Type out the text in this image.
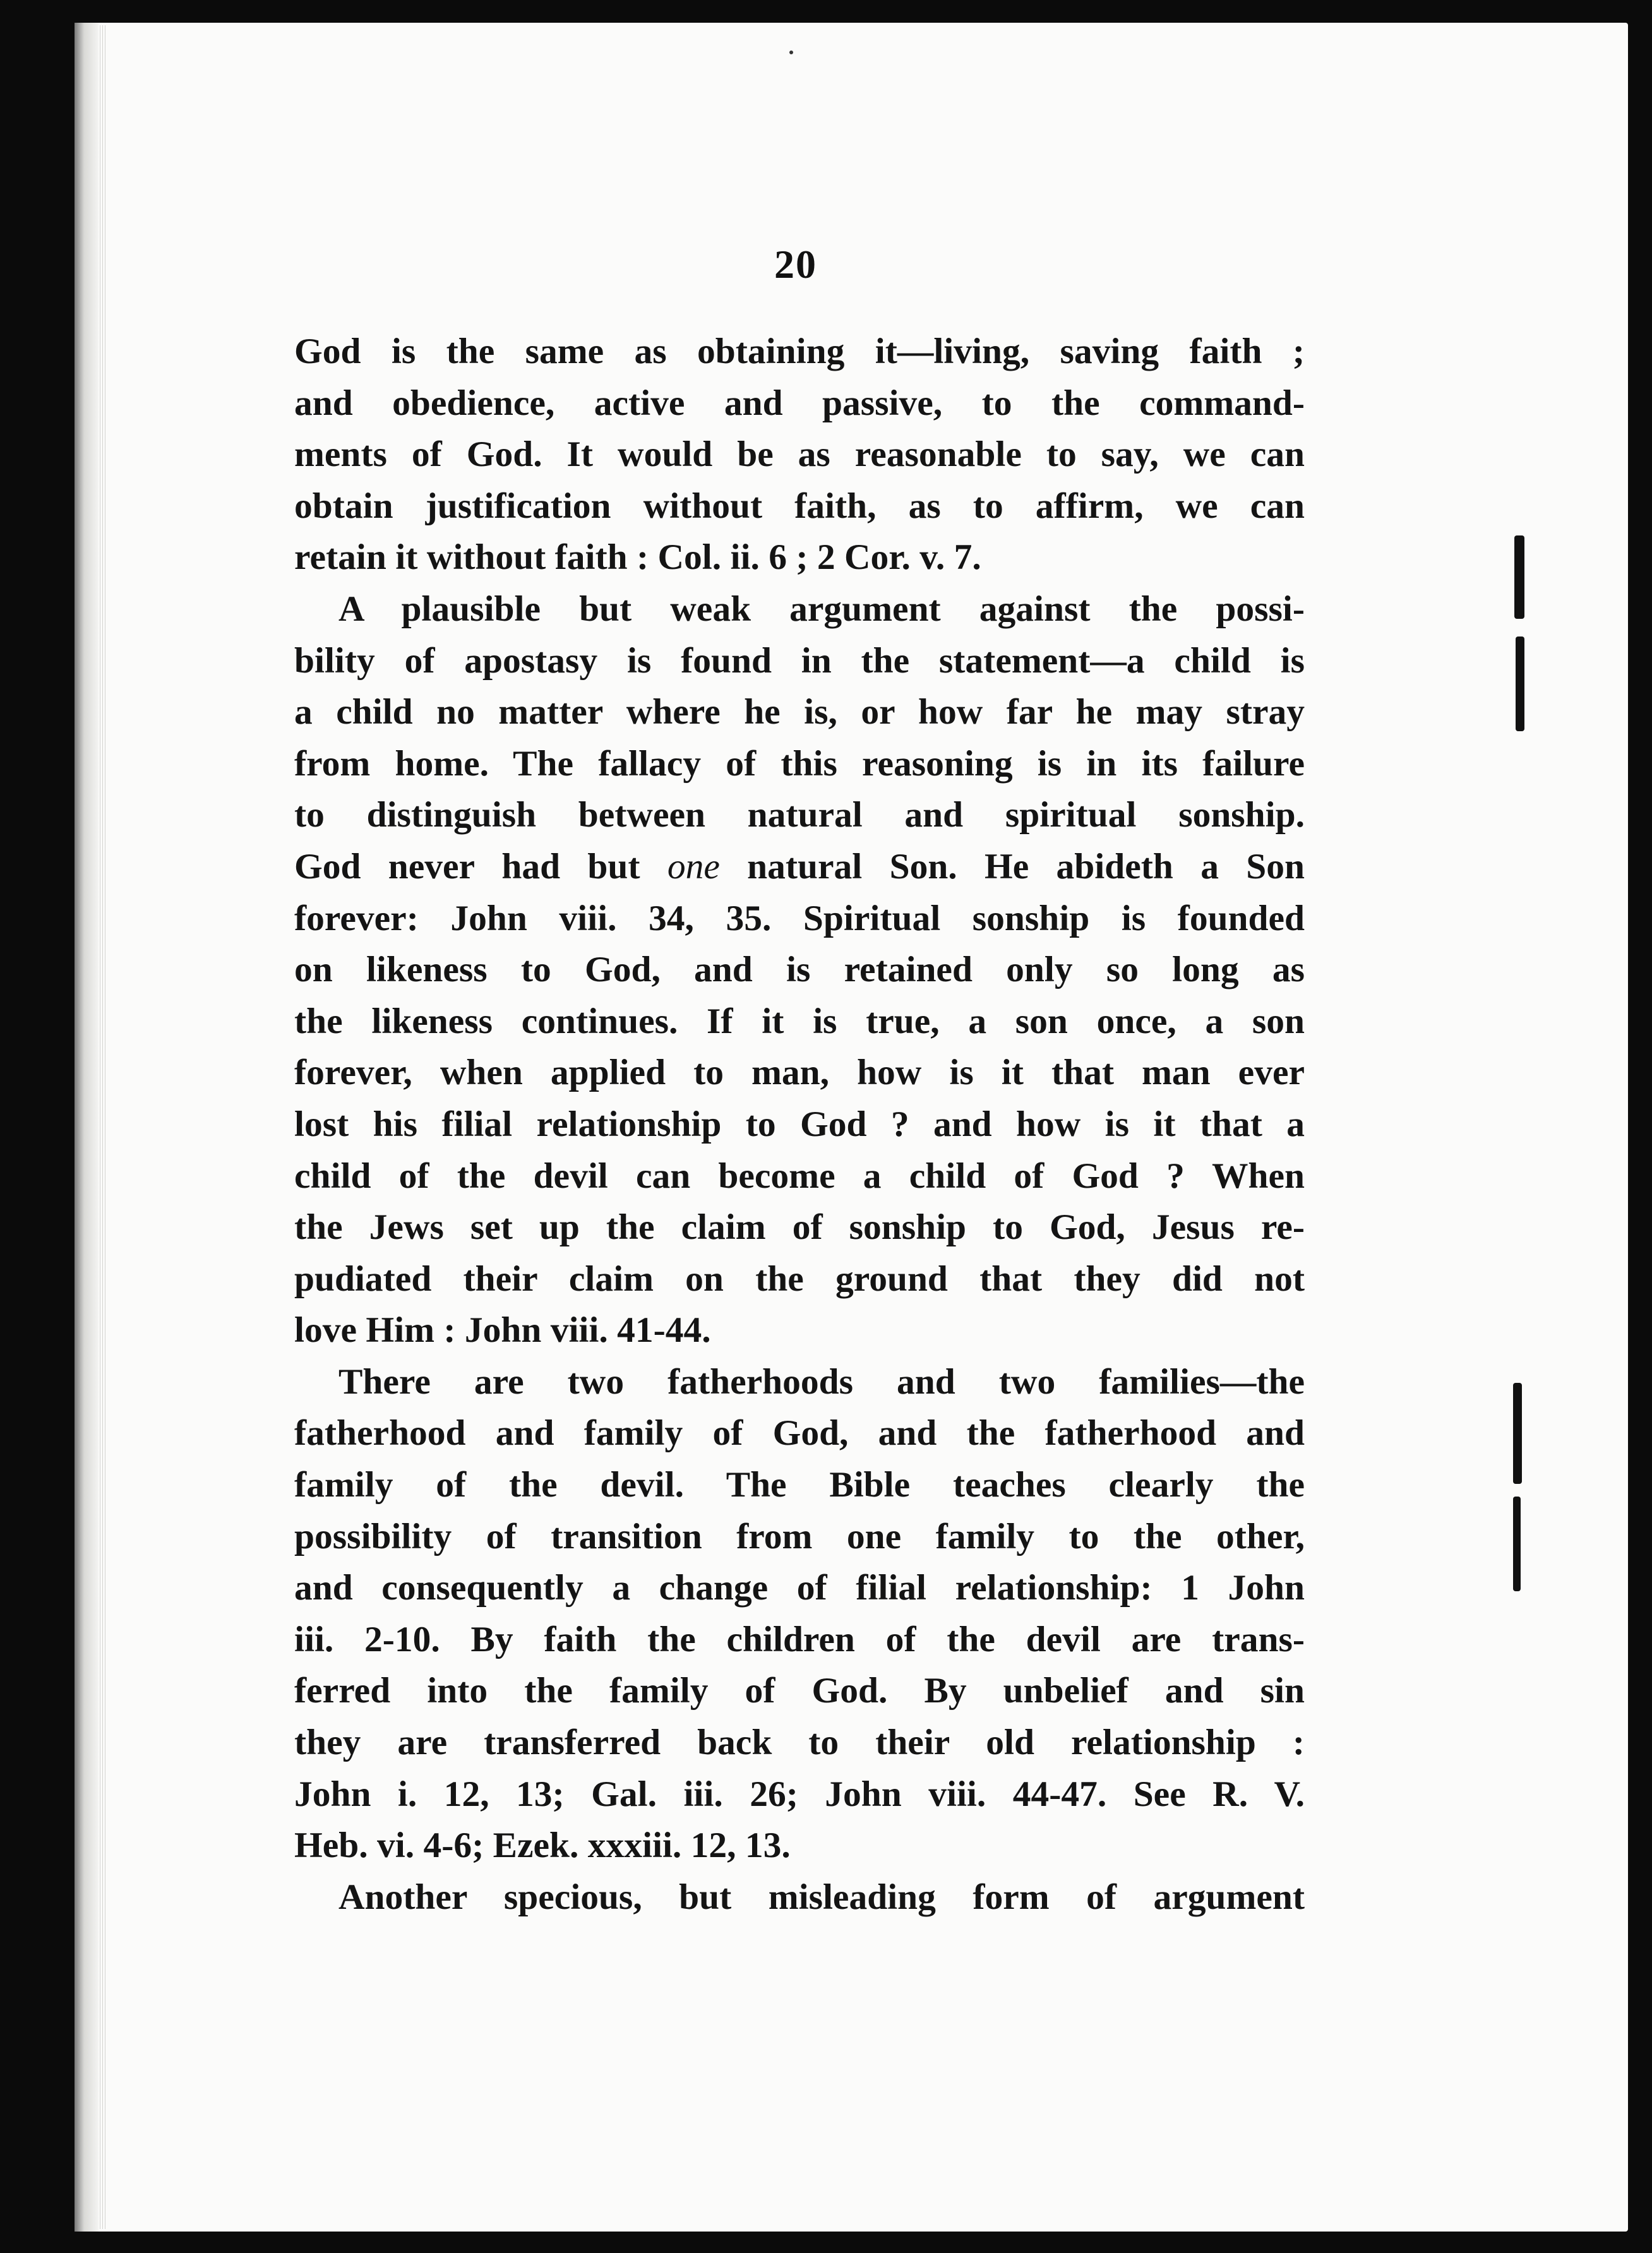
20
God is the same as obtaining it—living, saving faith ;
and obedience, active and passive, to the command-
ments of God. It would be as reasonable to say, we can
obtain justification without faith, as to affirm, we can
retain it without faith : Col. ii. 6 ; 2 Cor. v. 7.
A plausible but weak argument against the possi-
bility of apostasy is found in the statement—a child is
a child no matter where he is, or how far he may stray
from home. The fallacy of this reasoning is in its failure
to distinguish between natural and spiritual sonship.
God never had but one natural Son. He abideth a Son
forever: John viii. 34, 35. Spiritual sonship is founded
on likeness to God, and is retained only so long as
the likeness continues. If it is true, a son once, a son
forever, when applied to man, how is it that man ever
lost his filial relationship to God ? and how is it that a
child of the devil can become a child of God ? When
the Jews set up the claim of sonship to God, Jesus re-
pudiated their claim on the ground that they did not
love Him : John viii. 41-44.
There are two fatherhoods and two families—the
fatherhood and family of God, and the fatherhood and
family of the devil. The Bible teaches clearly the
possibility of transition from one family to the other,
and consequently a change of filial relationship: 1 John
iii. 2-10. By faith the children of the devil are trans-
ferred into the family of God. By unbelief and sin
they are transferred back to their old relationship :
John i. 12, 13; Gal. iii. 26; John viii. 44-47. See R. V.
Heb. vi. 4-6; Ezek. xxxiii. 12, 13.
Another specious, but misleading form of argument
